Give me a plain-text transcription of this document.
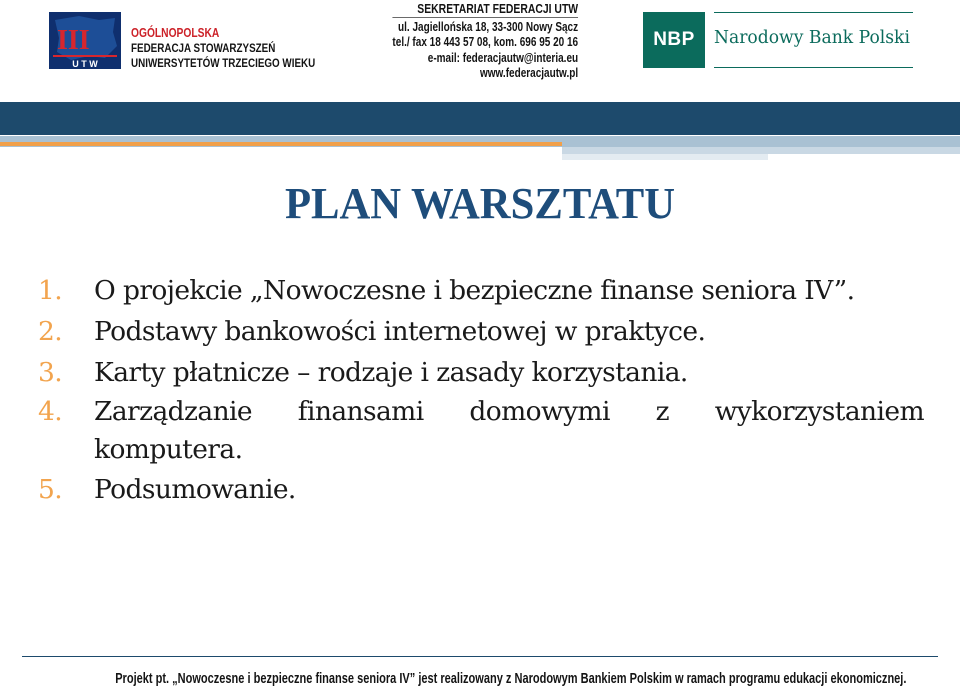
III
U T W
OGÓLNOPOLSKA
FEDERACJA STOWARZYSZEŃ
UNIWERSYTETÓW TRZECIEGO WIEKU
SEKRETARIAT FEDERACJI UTW
ul. Jagiellońska 18, 33-300 Nowy Sącz
tel./ fax 18 443 57 08, kom. 696 95 20 16
e-mail: federacjautw@interia.eu
www.federacjautw.pl
NBP	Narodowy Bank Polski
PLAN WARSZTATU
1. O projekcie „Nowoczesne i bezpieczne finanse seniora IV”.
2. Podstawy bankowości internetowej w praktyce.
3. Karty płatnicze – rodzaje i zasady korzystania.
4. Zarządzanie finansami domowymi z wykorzystaniem
komputera.
5. Podsumowanie.
Projekt pt. „Nowoczesne i bezpieczne finanse seniora IV” jest realizowany z Narodowym Bankiem Polskim w ramach programu edukacji ekonomicznej.
